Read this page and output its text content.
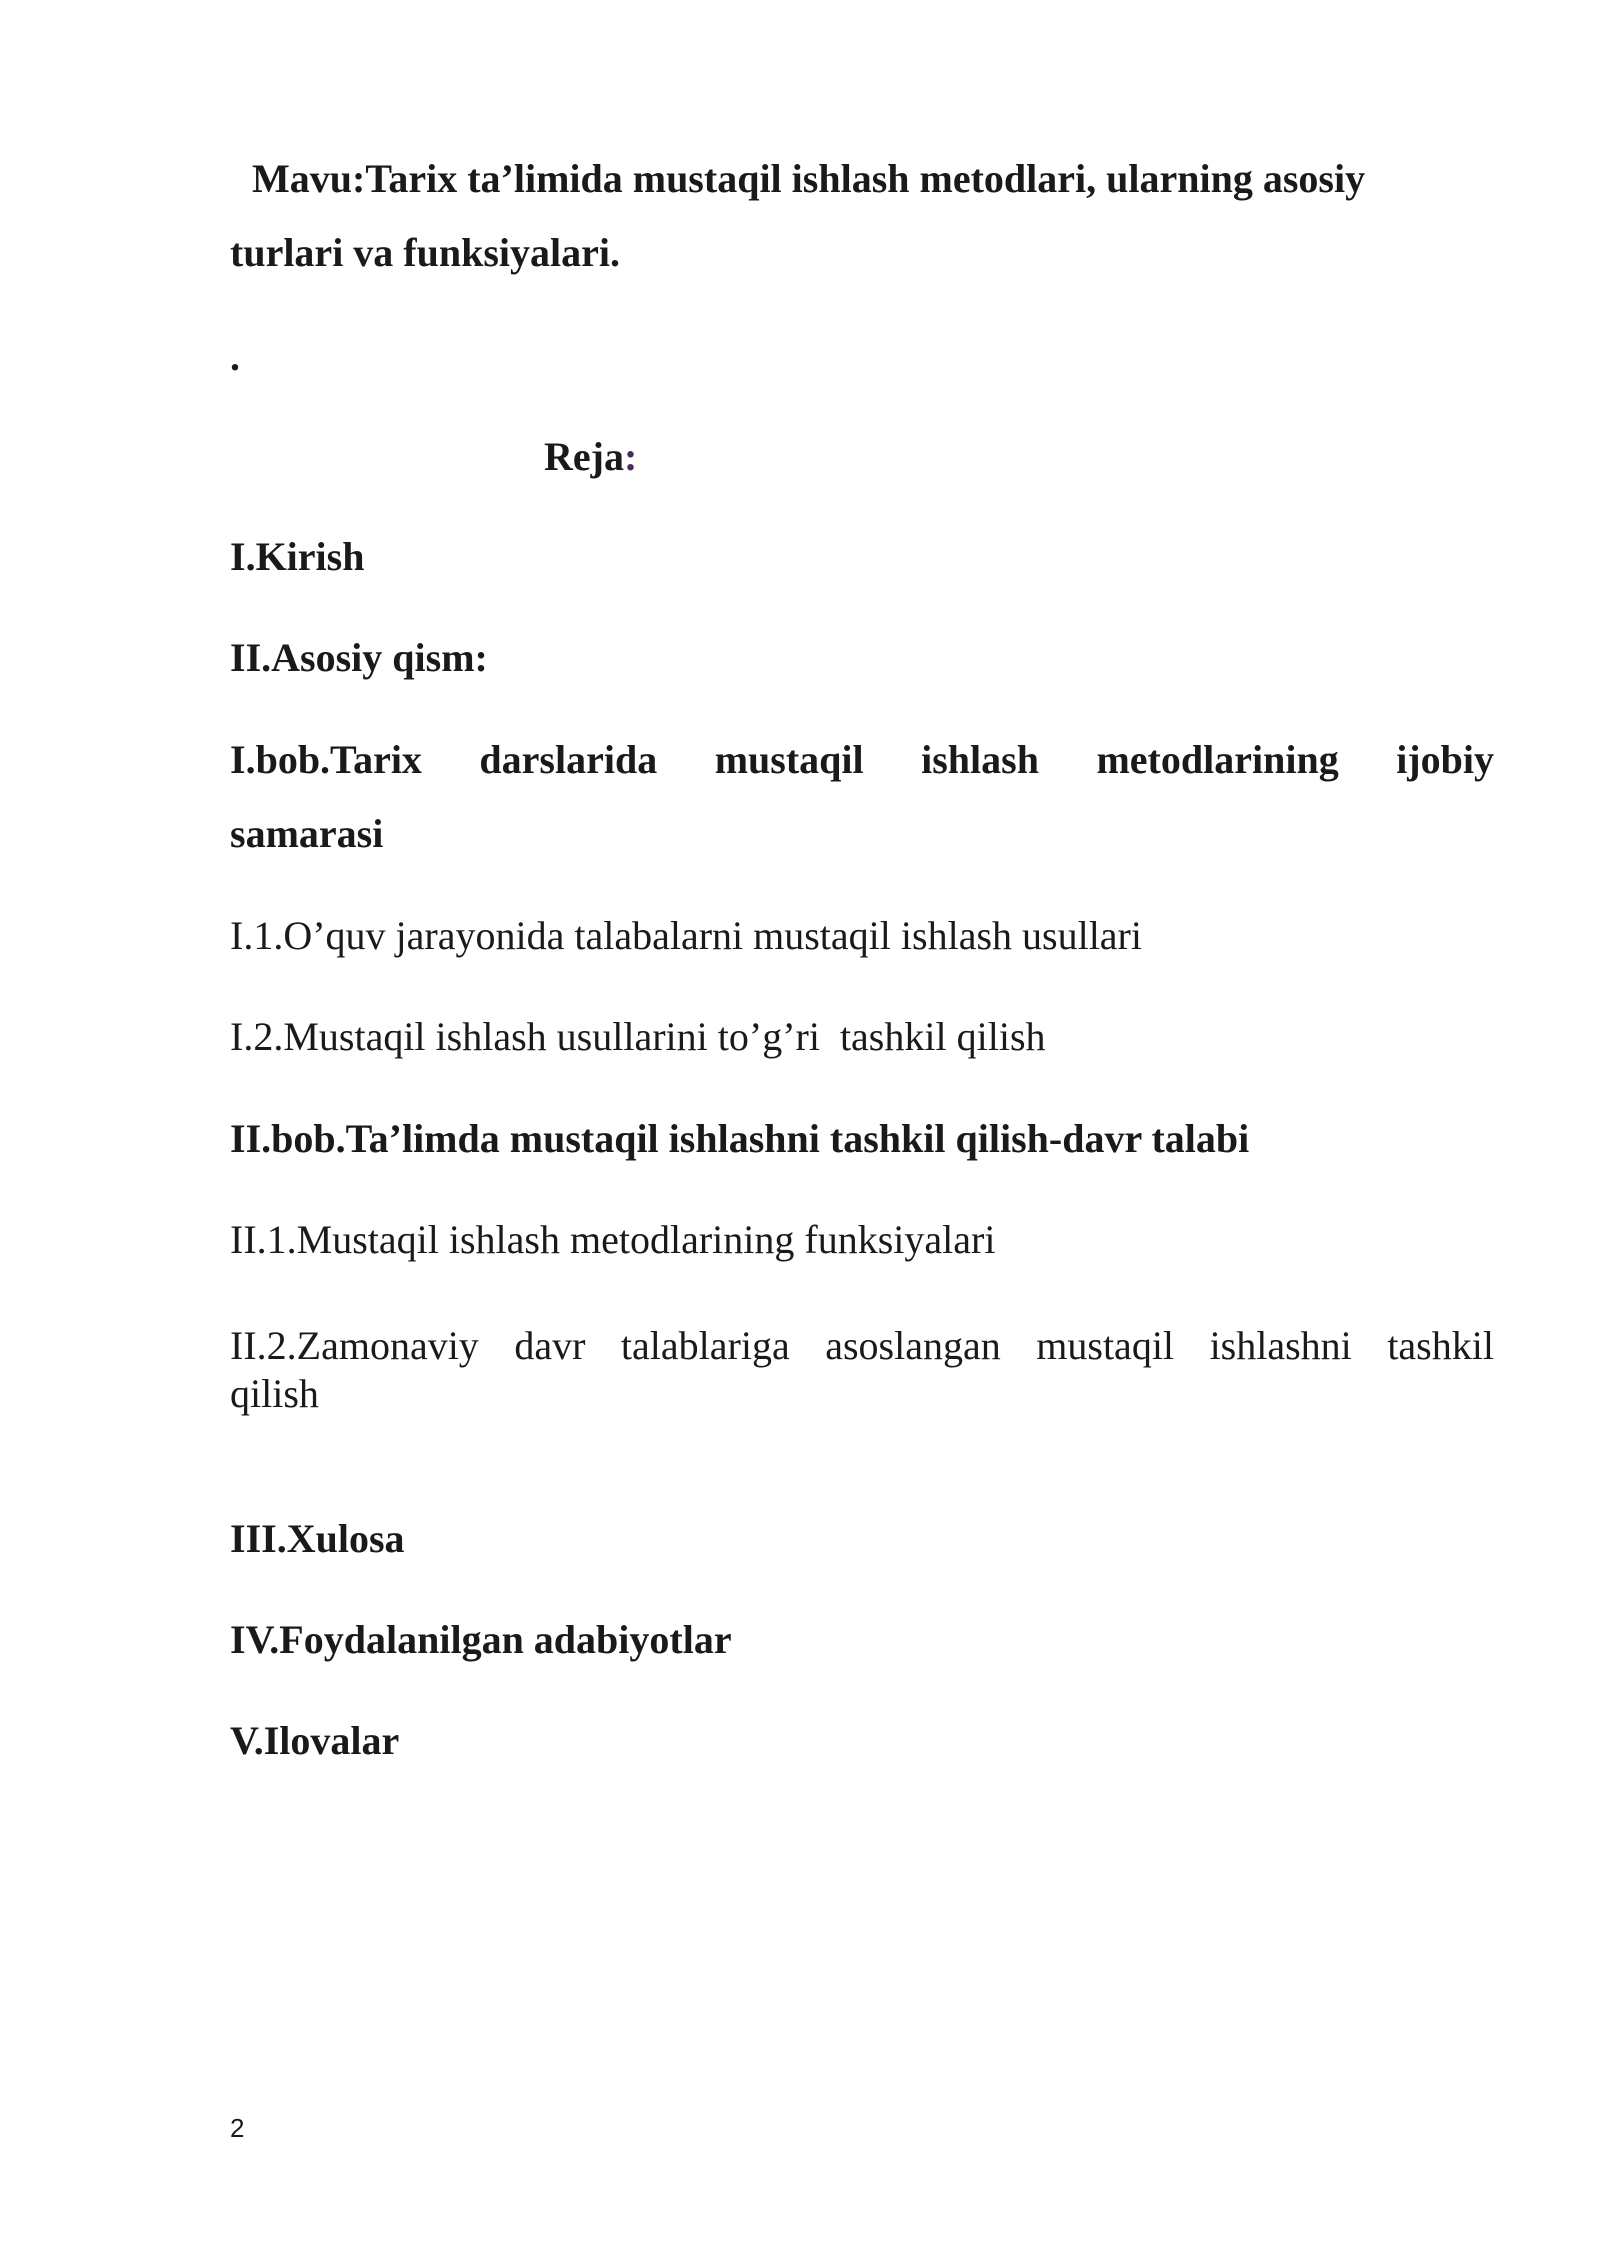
Mavu:Tarix ta’limida mustaqil ishlash metodlari, ularning asosiy
turlari va funksiyalari.
.
Reja:
I.Kirish
II.Asosiy qism:
I.bob.Tarix darslarida mustaqil ishlash metodlarining ijobiy
samarasi
I.1.O’quv jarayonida talabalarni mustaqil ishlash usullari
I.2.Mustaqil ishlash usullarini to’g’ri  tashkil qilish
II.bob.Ta’limda mustaqil ishlashni tashkil qilish-davr talabi
II.1.Mustaqil ishlash metodlarining funksiyalari
II.2.Zamonaviy davr talablariga asoslangan mustaqil ishlashni tashkil
qilish
III.Xulosa
IV.Foydalanilgan adabiyotlar
V.Ilovalar
2
